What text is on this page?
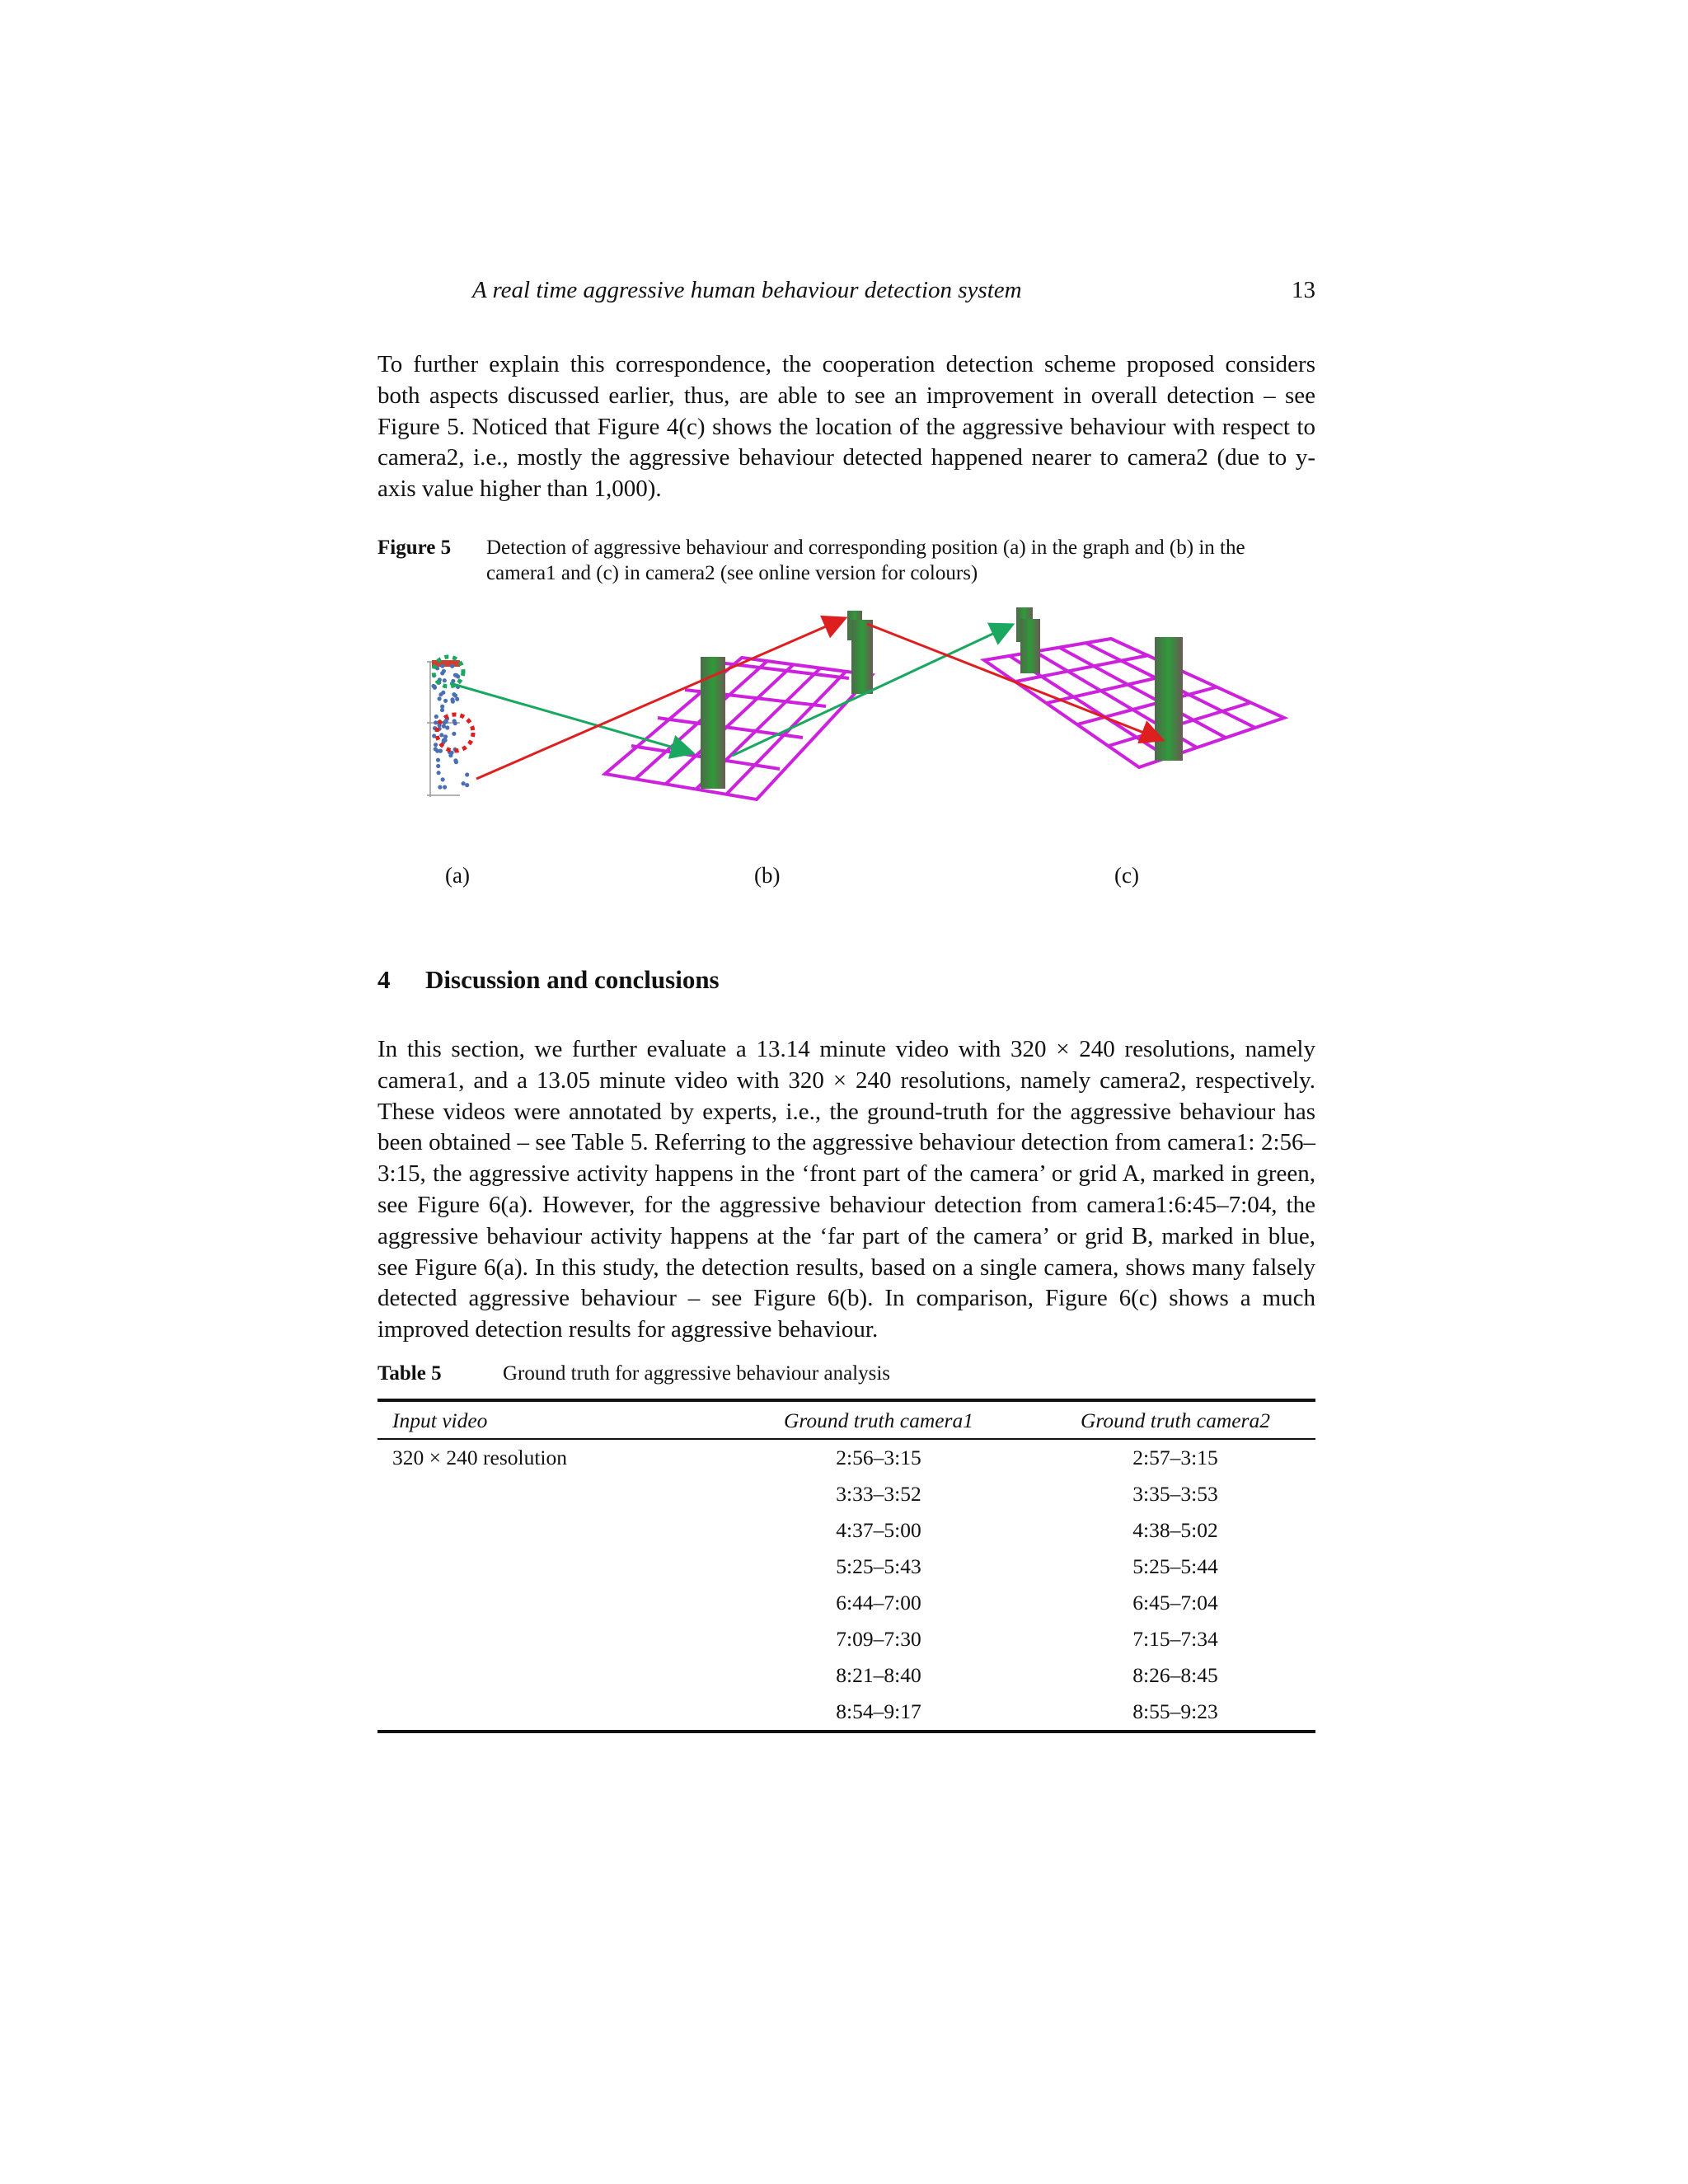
A real time aggressive human behaviour detection system	13

To further explain this correspondence, the cooperation detection scheme proposed considers both aspects discussed earlier, thus, are able to see an improvement in overall detection – see Figure 5. Noticed that Figure 4(c) shows the location of the aggressive behaviour with respect to camera2, i.e., mostly the aggressive behaviour detected happened nearer to camera2 (due to y-axis value higher than 1,000).

Figure 5	Detection of aggressive behaviour and corresponding position (a) in the graph and (b) in the camera1 and (c) in camera2 (see online version for colours)
(a)	(b)	(c)
4	Discussion and conclusions

In this section, we further evaluate a 13.14 minute video with 320 × 240 resolutions, namely camera1, and a 13.05 minute video with 320 × 240 resolutions, namely camera2, respectively. These videos were annotated by experts, i.e., the ground-truth for the aggressive behaviour has been obtained – see Table 5. Referring to the aggressive behaviour detection from camera1: 2:56–3:15, the aggressive activity happens in the ‘front part of the camera’ or grid A, marked in green, see Figure 6(a). However, for the aggressive behaviour detection from camera1:6:45–7:04, the aggressive behaviour activity happens at the ‘far part of the camera’ or grid B, marked in blue, see Figure 6(a). In this study, the detection results, based on a single camera, shows many falsely detected aggressive behaviour – see Figure 6(b). In comparison, Figure 6(c) shows a much improved detection results for aggressive behaviour.

Table 5	Ground truth for aggressive behaviour analysis
Input video	Ground truth camera1	Ground truth camera2
320 × 240 resolution	2:56–3:15	2:57–3:15
	3:33–3:52	3:35–3:53
	4:37–5:00	4:38–5:02
	5:25–5:43	5:25–5:44
	6:44–7:00	6:45–7:04
	7:09–7:30	7:15–7:34
	8:21–8:40	8:26–8:45
	8:54–9:17	8:55–9:23
